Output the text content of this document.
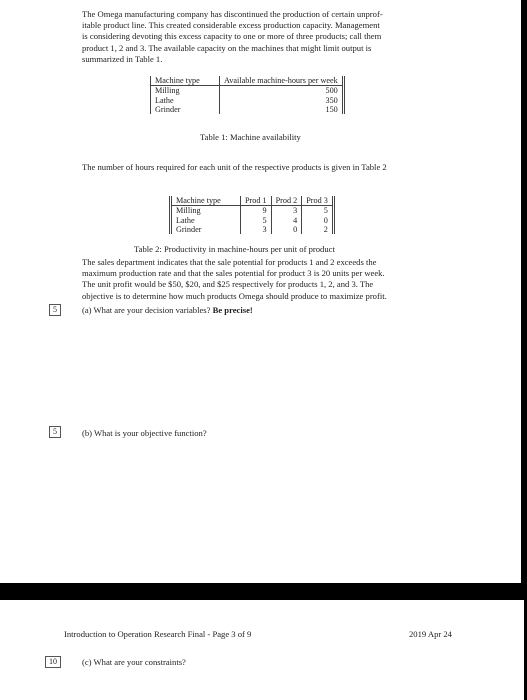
The Omega manufacturing company has discontinued the production of certain unprof-
itable product line. This created considerable excess production capacity. Management
is considering devoting this excess capacity to one or more of three products; call them
product 1, 2 and 3. The available capacity on the machines that might limit output is
summarized in Table 1.
Machine type	Available machine-hours per week
Milling	500
Lathe	350
Grinder	150
Table 1: Machine availability
The number of hours required for each unit of the respective products is given in Table 2
Machine type	Prod 1	Prod 2	Prod 3
Milling	9	3	5
Lathe	5	4	0
Grinder	3	0	2
Table 2: Productivity in machine-hours per unit of product
The sales department indicates that the sale potential for products 1 and 2 exceeds the
maximum production rate and that the sales potential for product 3 is 20 units per week.
The unit profit would be $50, $20, and $25 respectively for products 1, 2, and 3. The
objective is to determine how much products Omega should produce to maximize profit.
5	(a) What are your decision variables? Be precise!
5	(b) What is your objective function?
Introduction to Operation Research Final - Page 3 of 9	2019 Apr 24
10	(c) What are your constraints?
